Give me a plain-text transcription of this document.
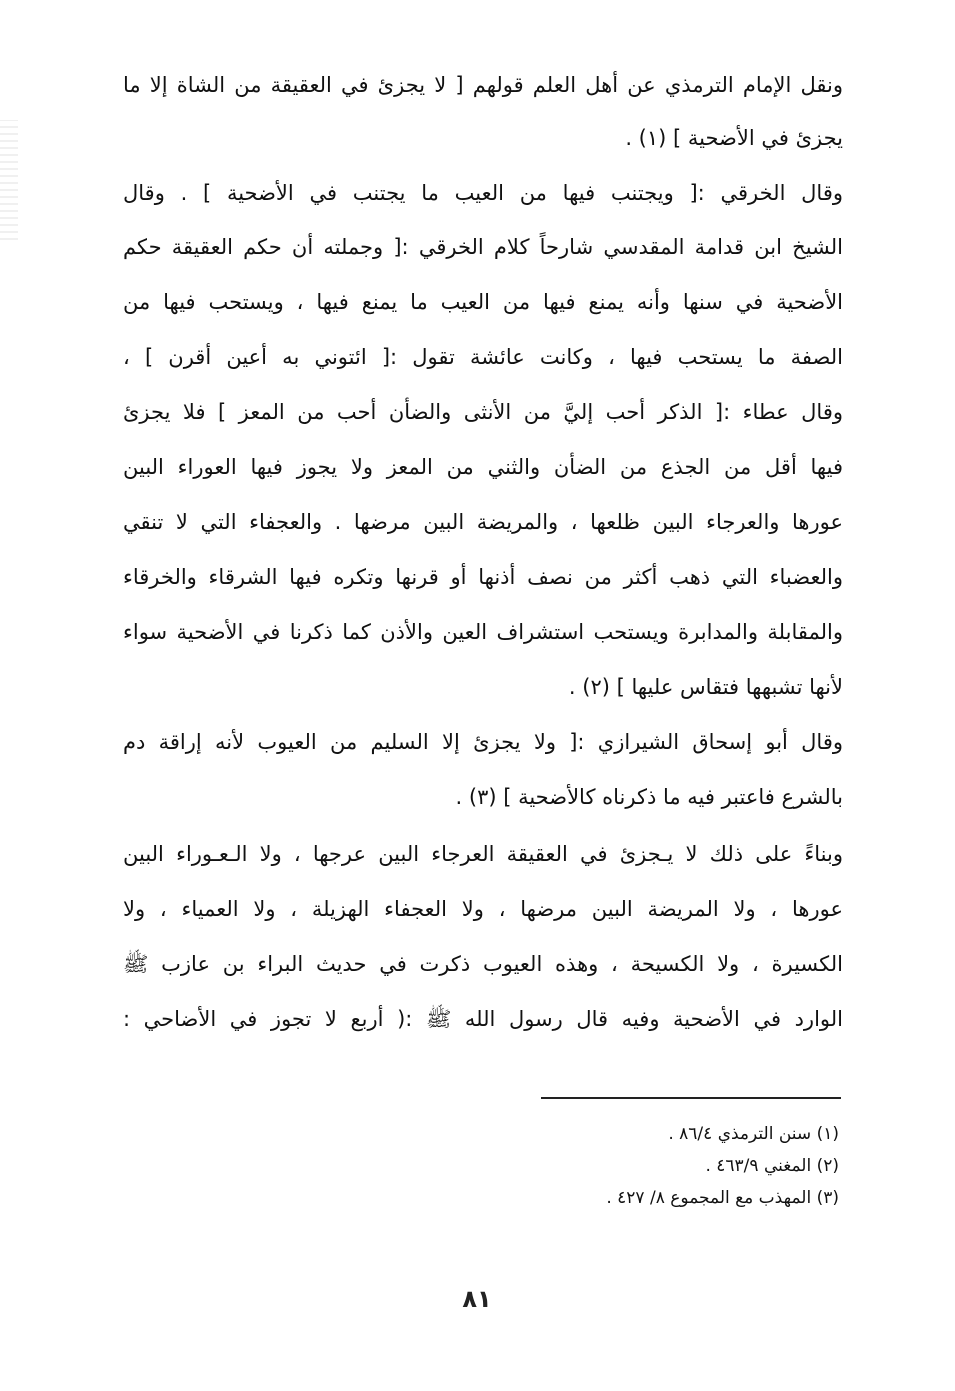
ونقل الإمام الترمذي عن أهل العلم قولهم [ لا يجزئ في العقيقة من الشاة إلا ما
يجزئ في الأضحية ] (١) .
وقال الخرقي :[ ويجتنب فيها من العيب ما يجتنب في الأضحية ] . وقال
الشيخ ابن قدامة المقدسي شارحاً كلام الخرقي :[ وجملته أن حكم العقيقة حكم
الأضحية في سنها وأنه يمنع فيها من العيب ما يمنع فيها ، ويستحب فيها من
الصفة ما يستحب فيها ، وكانت عائشة تقول :[ ائتوني به أعين أقرن ] ،
وقال عطاء :[ الذكر أحب إليَّ من الأنثى والضأن أحب من المعز ] فلا يجزئ
فيها أقل من الجذع من الضأن والثني من المعز ولا يجوز فيها العوراء البين
عورها والعرجاء البين ظلعها ، والمريضة البين مرضها . والعجفاء التي لا تنقي
والعضباء التي ذهب أكثر من نصف أذنها أو قرنها وتكره فيها الشرقاء والخرقاء
والمقابلة والمدابرة ويستحب استشراف العين والأذن كما ذكرنا في الأضحية سواء
لأنها تشبهها فتقاس عليها ] (٢) .
وقال أبو إسحاق الشيرازي :[ ولا يجزئ إلا السليم من العيوب لأنه إراقة دم
بالشرع فاعتبر فيه ما ذكرناه كالأضحية ] (٣) .
وبناءً على ذلك لا يـجزئ في العقيقة العرجاء البين عرجها ، ولا الـعـوراء البين
عورها ، ولا المريضة البين مرضها ، ولا العجفاء الهزيلة ، ولا العمياء ، ولا
الكسيرة ، ولا الكسيحة ، وهذه العيوب ذكرت في حديث البراء بن عازب ﷺ
الوارد في الأضحية وفيه قال رسول الله ﷺ :( أربع لا تجوز في الأضاحي :
(١) سنن الترمذي ٨٦/٤ .
(٢) المغني ٤٦٣/٩ .
(٣) المهذب مع المجموع ٨/ ٤٢٧ .
٨١
